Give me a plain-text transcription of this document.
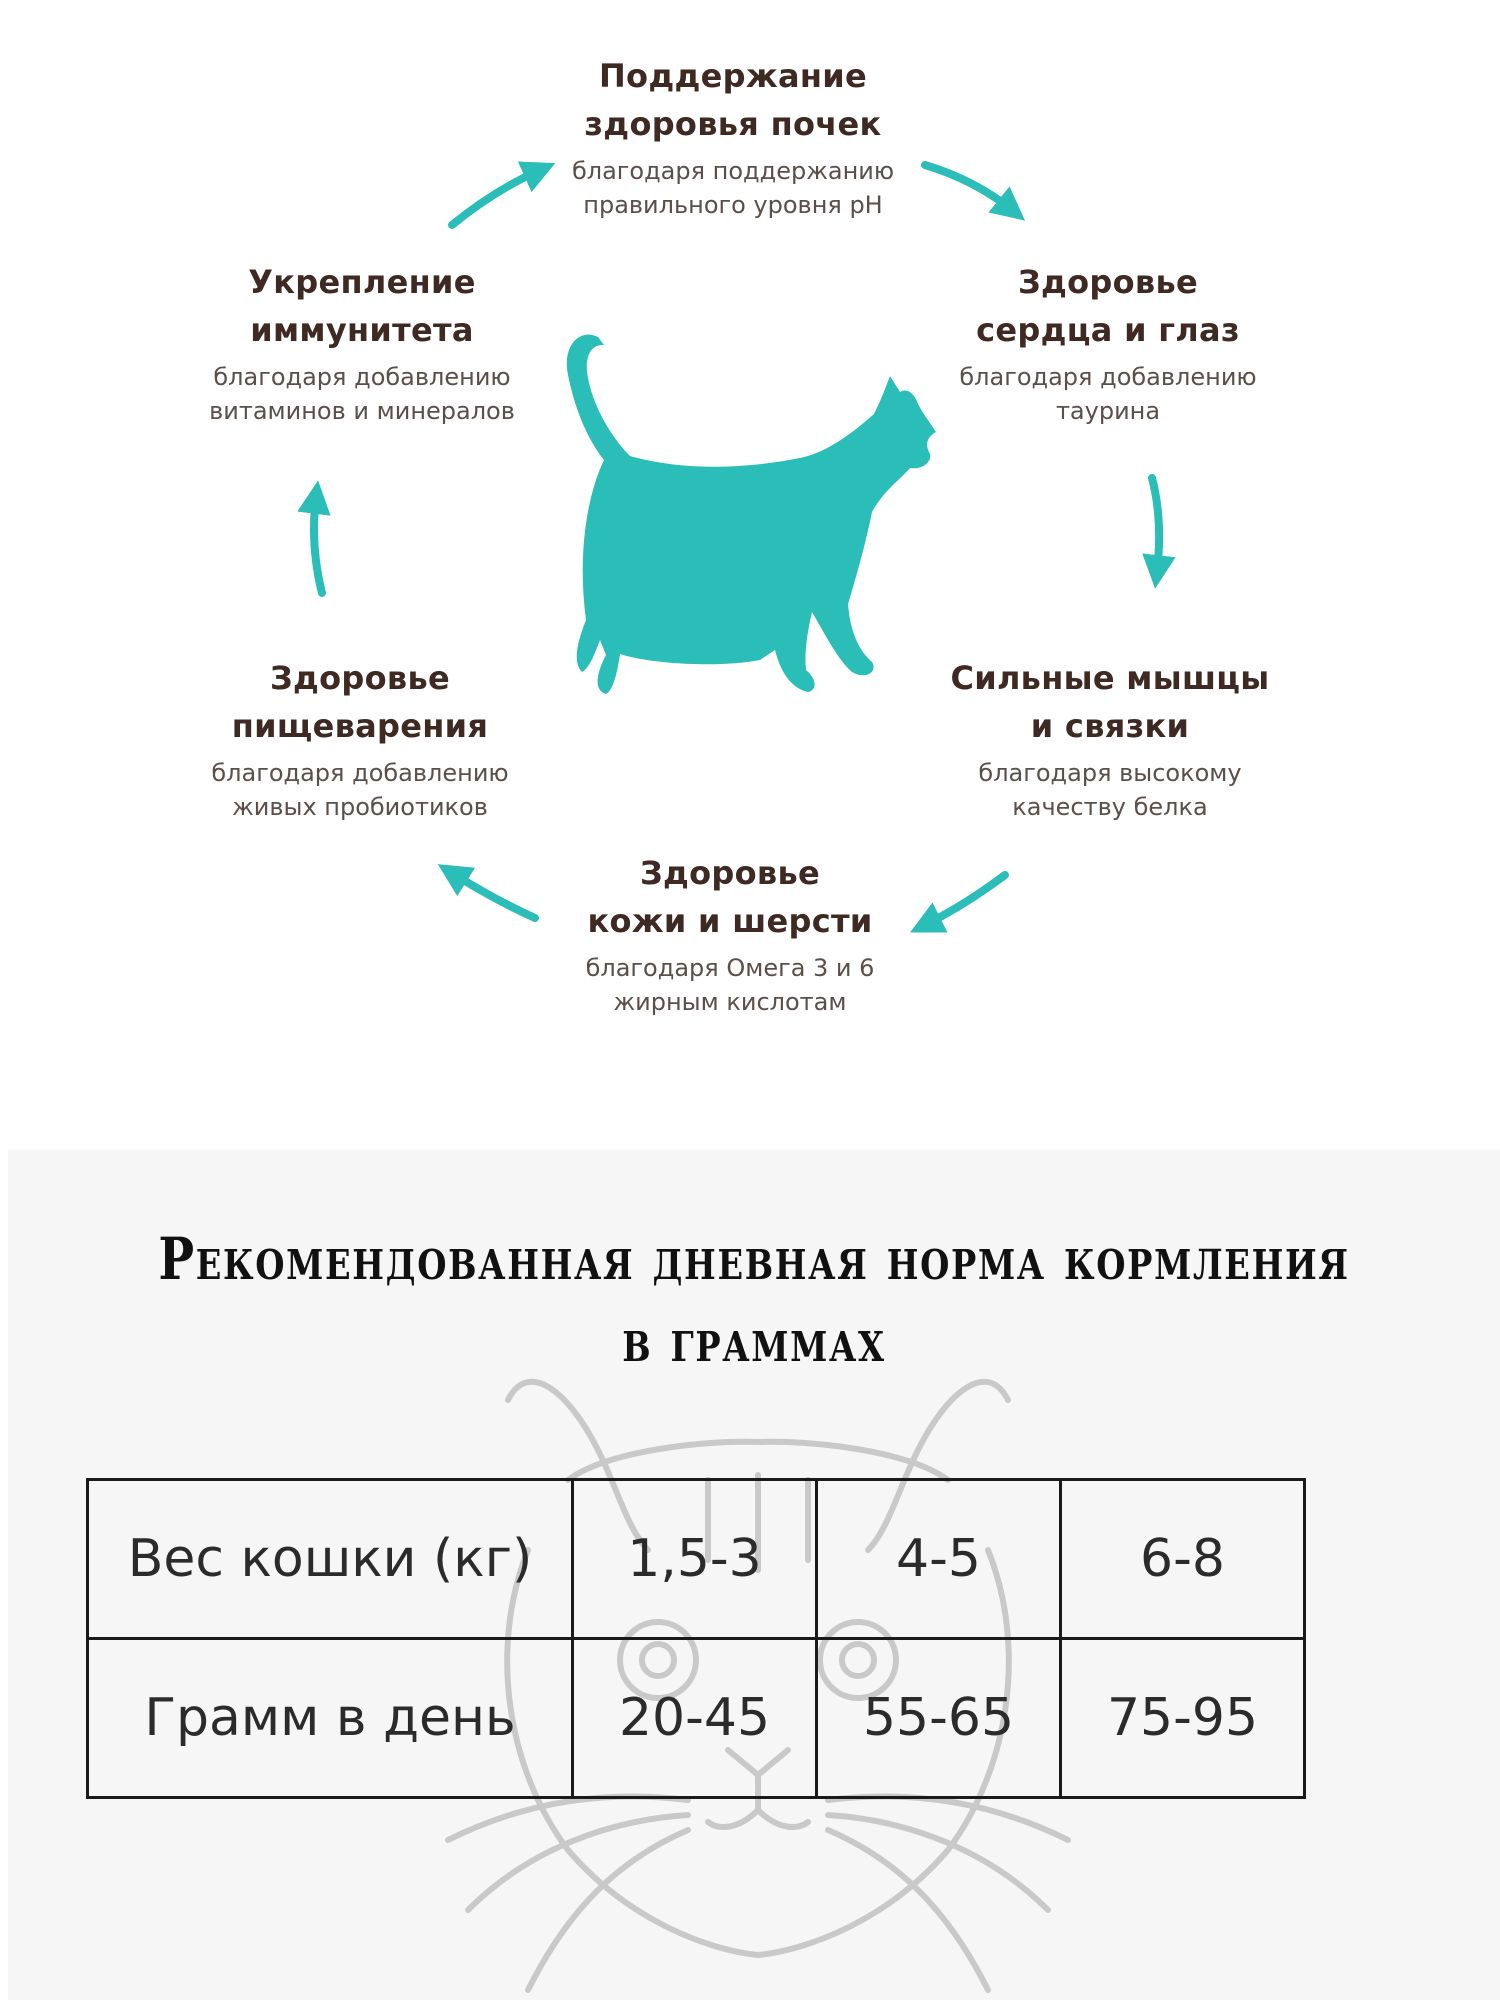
Поддержание
здоровья почек
благодаря поддержанию
правильного уровня рН
Здоровье
сердца и глаз
благодаря добавлению
таурина
Сильные мышцы
и связки
благодаря высокому
качеству белка
Здоровье
кожи и шерсти
благодаря Омега 3 и 6
жирным кислотам
Здоровье
пищеварения
благодаря добавлению
живых пробиотиков
Укрепление
иммунитета
благодаря добавлению
витаминов и минералов
Рекомендованная дневная норма кормления
в граммах
Вес кошки (кг)	1,5-3	4-5	6-8
Грамм в день	20-45	55-65	75-95
